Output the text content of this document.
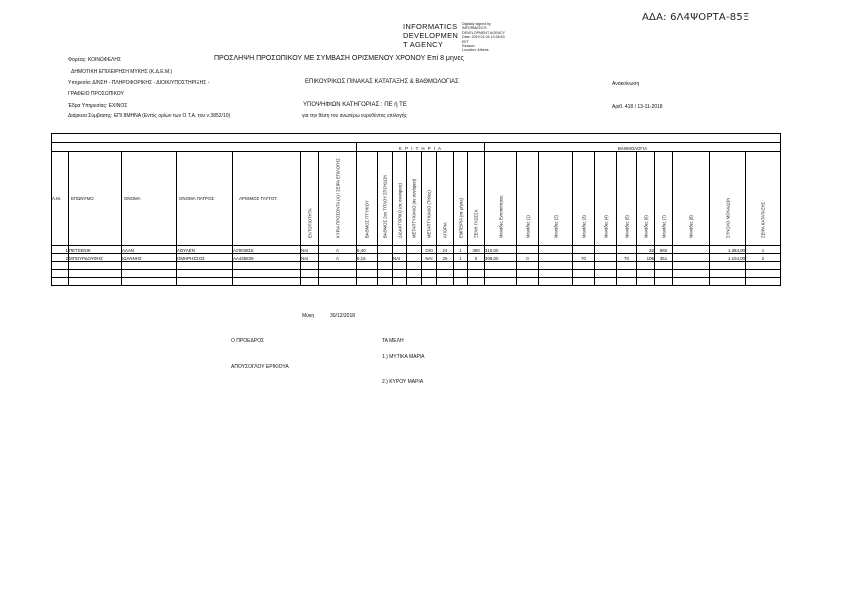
ΑΔΑ: 6Λ4ΨΟΡΤΑ-85Ξ
INFORMATICS
DEVELOPMEN
T AGENCY
Digitally signed by
INFORMATICS
DEVELOPMENT AGENCY
Date: 2019.01.04 13:38:53
EET
Reason:
Location: Athens
Φορέας: ΚΟΙΝΩΦΕΛΗΣ	ΠΡΟΣΛΗΨΗ ΠΡΟΣΩΠΙΚΟΥ ΜΕ ΣΥΜΒΑΣΗ ΟΡΙΣΜΕΝΟΥ ΧΡΟΝΟΥ Επί 8 μηνες
ΔΗΜΟΤΙΚΗ ΕΠΙΧΕΙΡΗΣΗ ΜΥΚΗΣ (Κ.Δ.Ε.Μ.)
Υπηρεσία: Δ/ΝΣΗ - ΠΛΗΡΟΦΟΡΙΚΗΣ - ΔΙΟΙΚ/ΥΠΟΣΤΗΡΙΞΗΣ -	ΕΠΙΚΟΥΡΙΚΟΣ ΠΙΝΑΚΑΣ ΚΑΤΑΤΑΞΗΣ & ΒΑΘΜΟΛΟΓΙΑΣ	Ανακοίνωση
ΓΡΑΦΕΙΟ ΠΡΟΣΩΠΙΚΟΥ
Έδρα Υπηρεσίας: ΕΧΙΝΟΣ	ΥΠΟΨΗΦΙΩΝ ΚΑΤΗΓΟΡΙΑΣ : ΠΕ ή ΤΕ	Αριθ. 418 / 13-11-2018
Διάρκεια Σύμβασης: ΕΠΙ 8ΜΗΝΑ (Εντός ορίων των Ο.Τ.Α. του ν.3852/10)	για την θέση του ανωτέρω ευρεθέντος επιλογής

							Κ Ρ Ι Τ Η Ρ Ι Α								ΒΑΘΜΟΛΟΓΙΑ										
Α.Μ.	ΕΠΩΝΥΜΟ	ΟΝΟΜΑ	ΟΝΟΜΑ ΠΑΤΡΟΣ	ΑΡΙΘΜΟΣ ΤΑΥΤΟΤ.	ΕΝΤΟΠΙΟΤΗΤΑ	ΚΥΡΙΑ ΠΡΟΣΟΝΤΑ (Α) / ΣΕΙΡΑ ΕΠΙΛΟΓΗΣ	ΒΑΘΜΟΣ ΠΤΥΧΙΟΥ	ΒΑΘΜΟΣ 2ου ΤΙΤΛΟΥ ΣΠΟΥΔΩΝ	ΔΙΔΑΚΤΟΡΙΚΟ (σε συνάφεια)	ΜΕΤΑΠΤΥΧΙΑΚΟ (σε συνάφεια)	ΜΕΤΑΠΤΥΧΙΑΚΟ (Τίτλος)	ΑΠΟΡΙΑ	ΕΜΠΕΙΡΙΑ (σε μήνες)	ΞΕΝΗ ΓΛΩΣΣΑ	Μονάδες Εντοπιότητας	Μονάδες (1)	Μονάδες (2)	Μονάδες (3)	Μονάδες (4)	Μονάδες (5)	Μονάδες (6)	Μονάδες (7)	Μονάδες (8)	ΣΥΝΟΛΟ ΜΟΝΑΔΩΝ	ΣΕΙΡΑ ΚΑΤΑΤΑΞΗΣ

1	ΠΕΤΣΕΝΙΚ	ΑΛΑΝ	ΑΟΥΛΕΝ	ΑΞ903815	ΝΑΙ	Α	6,40				ΟΧΙ	24	1	350	310,00						32	692		1.384,00	1
2	ΜΠΟΥΡΔΟΥΦΗΣ	ΙΩΑΝΝΗΣ	ΟΜΗΡΗΣΣΟΣ	ΑΑ435839	ΝΑΙ	Α	6,16		ΝΑΙ		ΝΑΙ	25	1	0	308,00	0		70		70	105	351		1.104,00	2

Μύκη	30/12/2018
Ο ΠΡΟΕΔΡΟΣ	ΤΑ ΜΕΛΗ
1.) ΜΥΤΙΚΑ ΜΑΡΙΑ
ΑΠΟΥΣΟΓΛΟΥ ΕΡΙΚΙΟΥΑ
2.) ΚΥΡΟΥ ΜΑΡΙΑ
